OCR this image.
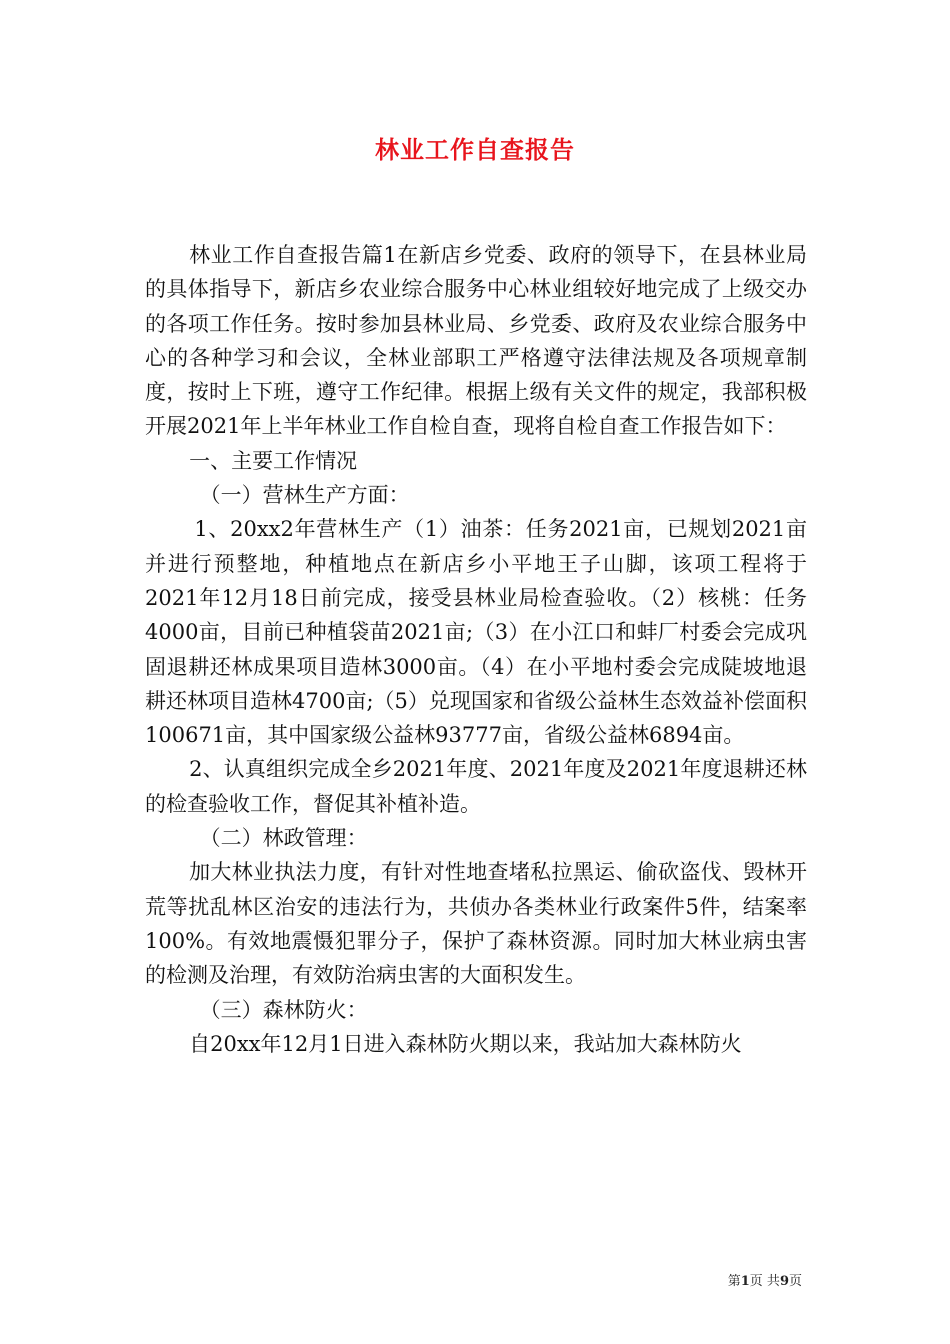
林业工作自查报告

林业工作自查报告篇1在新店乡党委、政府的领导下，在县林业局的具体指导下，新店乡农业综合服务中心林业组较好地完成了上级交办的各项工作任务。按时参加县林业局、乡党委、政府及农业综合服务中心的各种学习和会议，全林业部职工严格遵守法律法规及各项规章制度，按时上下班，遵守工作纪律。根据上级有关文件的规定，我部积极开展2021年上半年林业工作自检自查，现将自检自查工作报告如下：

一、主要工作情况

（一）营林生产方面：

1、20xx2年营林生产（1）油茶：任务2021亩，已规划2021亩并进行预整地，种植地点在新店乡小平地王子山脚，该项工程将于2021年12月18日前完成，接受县林业局检查验收。（2）核桃：任务4000亩，目前已种植袋苗2021亩;（3）在小江口和蚌厂村委会完成巩固退耕还林成果项目造林3000亩。（4）在小平地村委会完成陡坡地退耕还林项目造林4700亩;（5）兑现国家和省级公益林生态效益补偿面积100671亩，其中国家级公益林93777亩，省级公益林6894亩。

2、认真组织完成全乡2021年度、2021年度及2021年度退耕还林的检查验收工作，督促其补植补造。

（二）林政管理：

加大林业执法力度，有针对性地查堵私拉黑运、偷砍盗伐、毁林开荒等扰乱林区治安的违法行为，共侦办各类林业行政案件5件，结案率100%。有效地震慑犯罪分子，保护了森林资源。同时加大林业病虫害的检测及治理，有效防治病虫害的大面积发生。

（三）森林防火：

自20xx年12月1日进入森林防火期以来，我站加大森林防火

第1页 共9页
